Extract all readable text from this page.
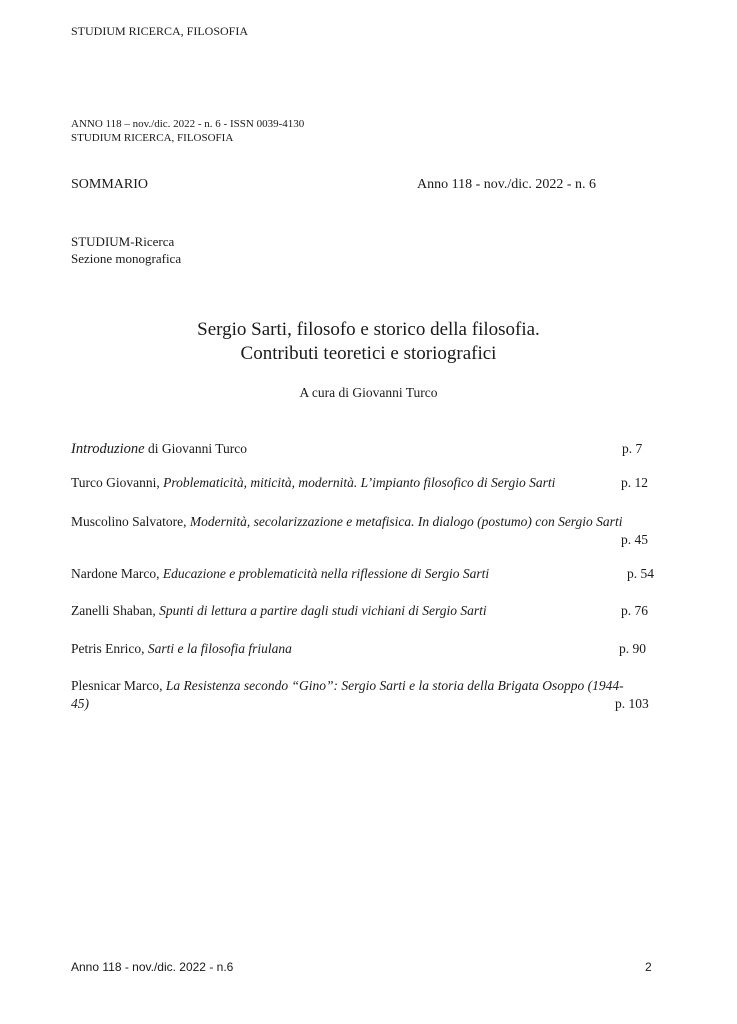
STUDIUM RICERCA, FILOSOFIA
ANNO 118 – nov./dic. 2022 - n. 6 - ISSN 0039-4130
STUDIUM RICERCA, FILOSOFIA
SOMMARIO	Anno 118 - nov./dic. 2022 - n. 6
STUDIUM-Ricerca
Sezione monografica
Sergio Sarti, filosofo e storico della filosofia.
Contributi teoretici e storiografici
A cura di Giovanni Turco
Introduzione di Giovanni Turco	p. 7
Turco Giovanni, Problematicità, miticità, modernità. L’impianto filosofico di Sergio Sarti	p. 12
Muscolino Salvatore, Modernità, secolarizzazione e metafisica. In dialogo (postumo) con Sergio Sarti
p. 45
Nardone Marco, Educazione e problematicità nella riflessione di Sergio Sarti	p. 54
Zanelli Shaban, Spunti di lettura a partire dagli studi vichiani di Sergio Sarti	p. 76
Petris Enrico, Sarti e la filosofia friulana	p. 90
Plesnicar Marco, La Resistenza secondo “Gino”: Sergio Sarti e la storia della Brigata Osoppo (1944-
45)	p. 103
Anno 118 - nov./dic. 2022 - n.6	2
